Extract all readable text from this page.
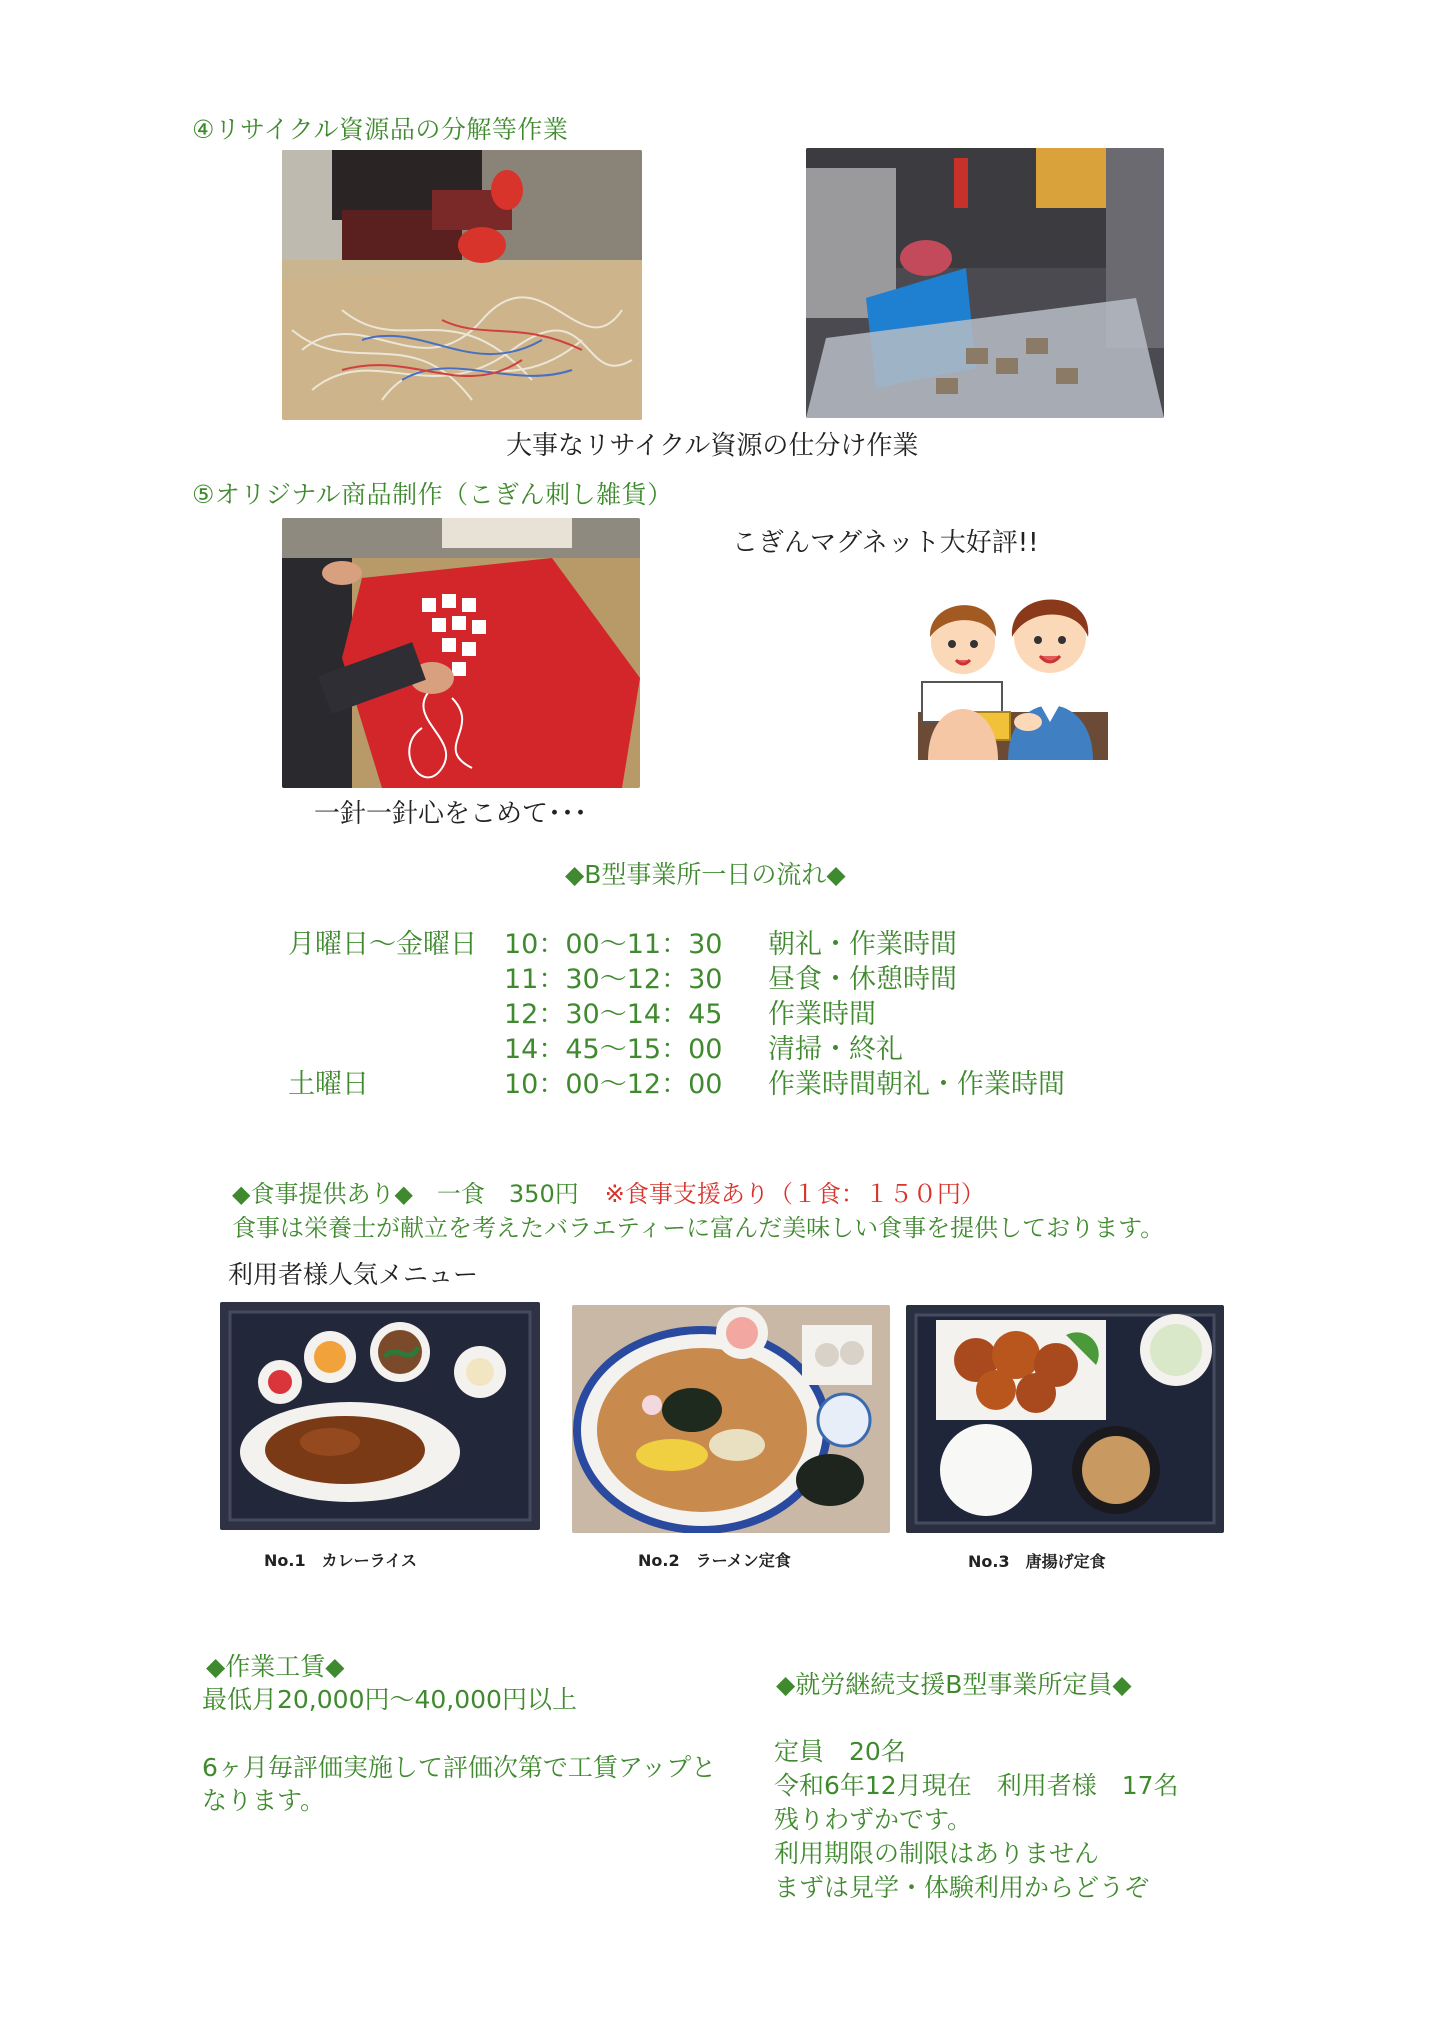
④リサイクル資源品の分解等作業
大事なリサイクル資源の仕分け作業
⑤オリジナル商品制作（こぎん刺し雑貨）
こぎんマグネット大好評!!
一針一針心をこめて･･･
◆B型事業所一日の流れ◆
月曜日～金曜日 10：00～11：30 朝礼・作業時間
11：30～12：30 昼食・休憩時間
12：30～14：45 作業時間
14：45～15：00 清掃・終礼
土曜日	10：00～12：00 作業時間朝礼・作業時間
◆食事提供あり◆　一食　350円 ※食事支援あり（１食：１５０円）
食事は栄養士が献立を考えたバラエティーに富んだ美味しい食事を提供しております。
利用者様人気メニュー
No.1　カレーライス	No.2　ラーメン定食	No.3　唐揚げ定食
◆作業工賃◆
最低月20,000円～40,000円以上
6ヶ月毎評価実施して評価次第で工賃アップと
なります。
◆就労継続支援B型事業所定員◆
定員　20名
令和6年12月現在　利用者様　17名
残りわずかです。
利用期限の制限はありません
まずは見学・体験利用からどうぞ
